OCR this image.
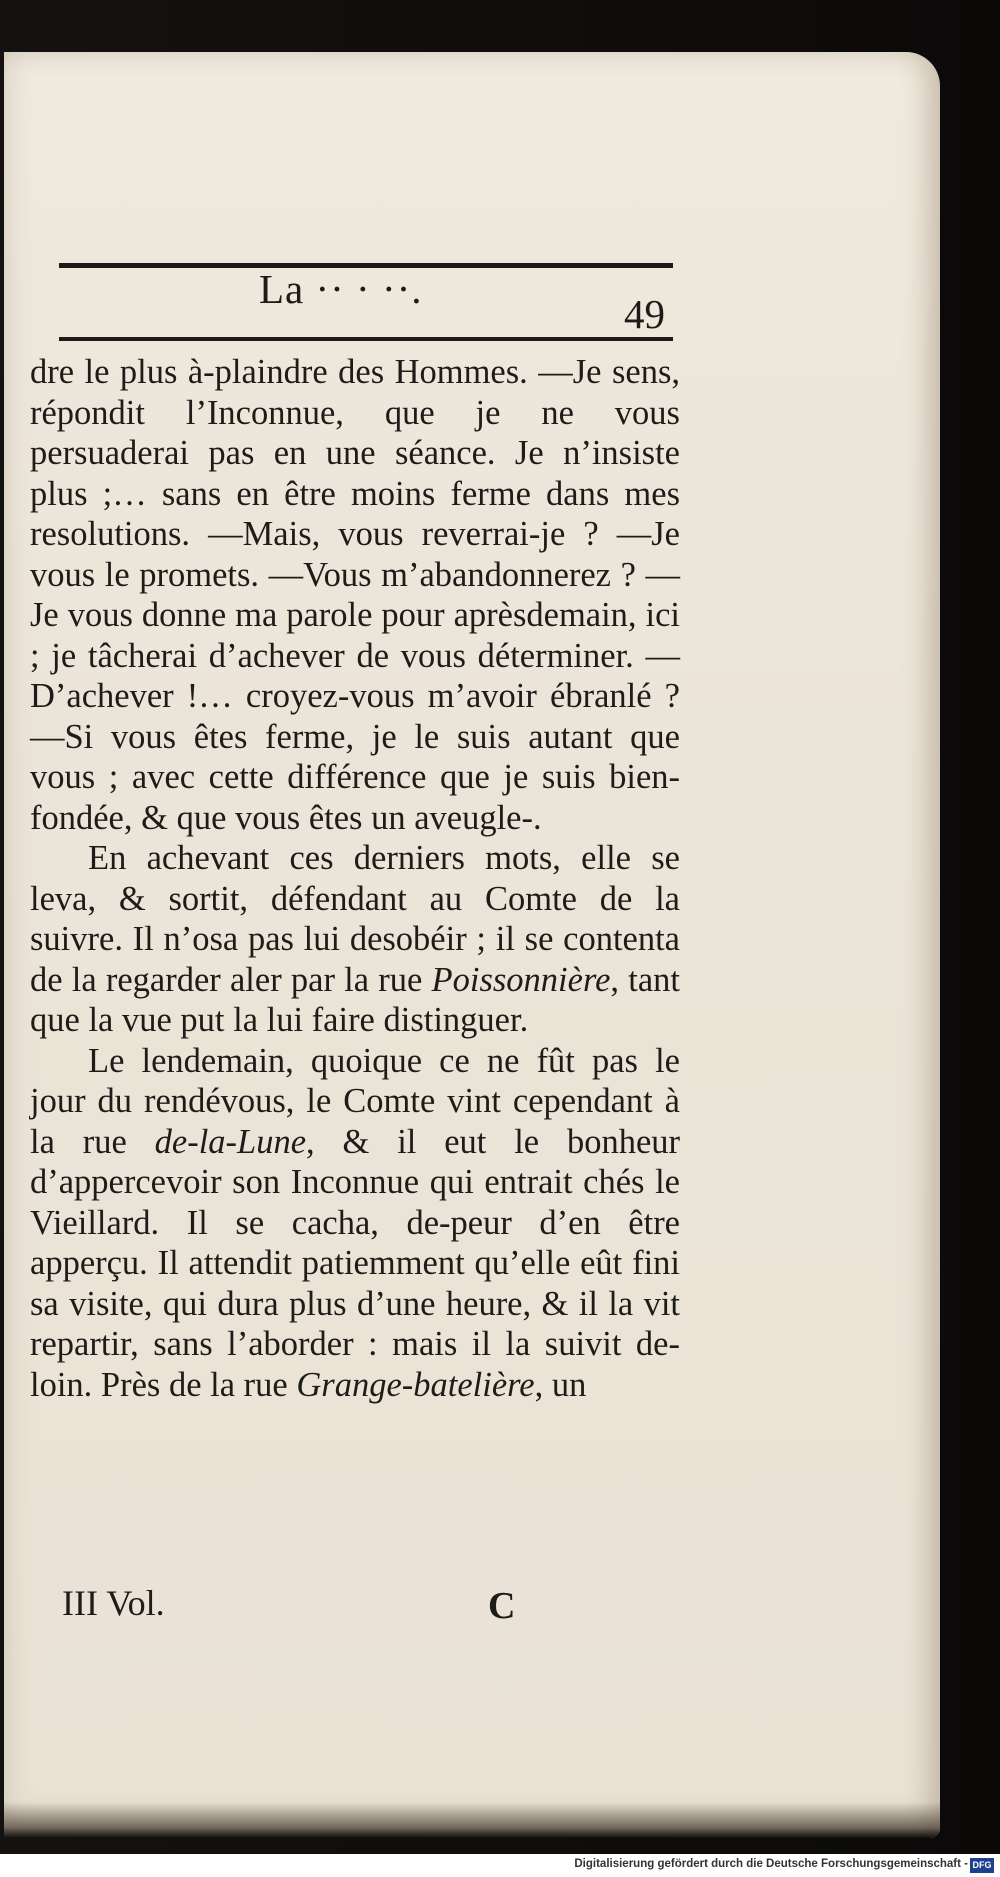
La ·· · ··.
49

dre le plus à-plaindre des Hommes. —Je sens, répondit l’Inconnue, que je ne vous persuaderai pas en une séance. Je n’insiste plus ;… sans en être moins ferme dans mes resolutions. —Mais, vous reverrai-je ? —Je vous le promets. —Vous m’abandonnerez ? —Je vous donne ma parole pour aprèsdemain, ici ; je tâcherai d’achever de vous déterminer. —D’achever !… croyez-vous m’avoir ébranlé ? —Si vous êtes ferme, je le suis autant que vous ; avec cette différence que je suis bien-fondée, & que vous êtes un aveugle-.

En achevant ces derniers mots, elle se leva, & sortit, défendant au Comte de la suivre. Il n’osa pas lui desobéir ; il se contenta de la regarder aler par la rue Poissonnière, tant que la vue put la lui faire distinguer.

Le lendemain, quoique ce ne fût pas le jour du rendévous, le Comte vint cependant à la rue de-la-Lune, & il eut le bonheur d’appercevoir son Inconnue qui entrait chés le Vieillard. Il se cacha, de-peur d’en être apperçu. Il attendit patiemment qu’elle eût fini sa visite, qui dura plus d’une heure, & il la vit repartir, sans l’aborder : mais il la suivit de-loin. Près de la rue Grange-batelière, un

III Vol.	C
Digitalisierung gefördert durch die Deutsche Forschungsgemeinschaft - DFG
